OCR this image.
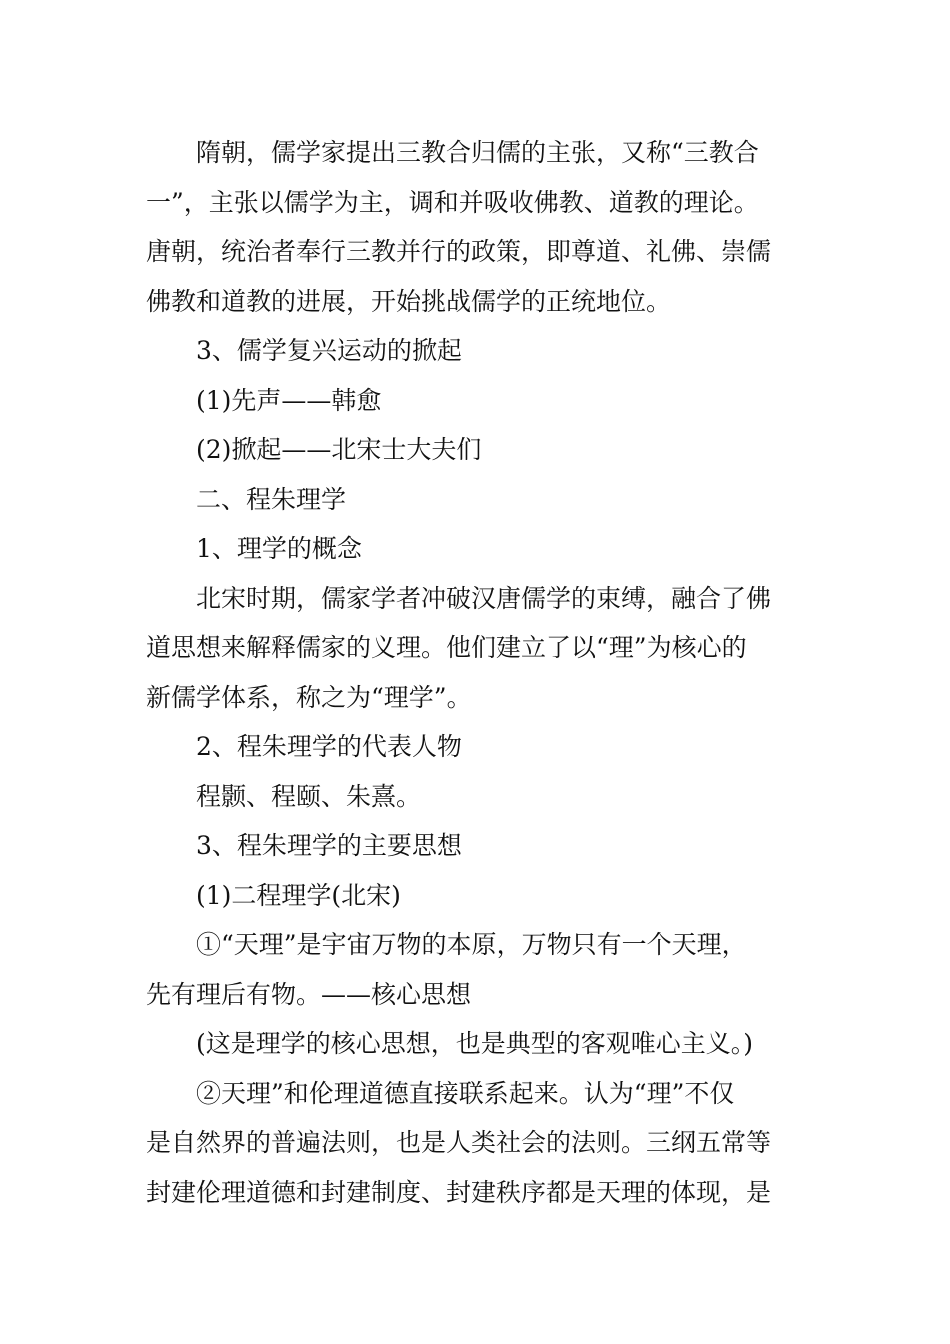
隋朝，儒学家提出三教合归儒的主张，又称“三教合

一”，主张以儒学为主，调和并吸收佛教、道教的理论。

唐朝，统治者奉行三教并行的政策，即尊道、礼佛、崇儒

佛教和道教的进展，开始挑战儒学的正统地位。

3、儒学复兴运动的掀起

(1)先声——韩愈

(2)掀起——北宋士大夫们

二、程朱理学

1、理学的概念

北宋时期，儒家学者冲破汉唐儒学的束缚，融合了佛

道思想来解释儒家的义理。他们建立了以“理”为核心的

新儒学体系，称之为“理学”。

2、程朱理学的代表人物

程颢、程颐、朱熹。

3、程朱理学的主要思想

(1)二程理学(北宋)

①“天理”是宇宙万物的本原，万物只有一个天理，

先有理后有物。——核心思想

(这是理学的核心思想，也是典型的客观唯心主义。)

②天理”和伦理道德直接联系起来。认为“理”不仅

是自然界的普遍法则，也是人类社会的法则。三纲五常等

封建伦理道德和封建制度、封建秩序都是天理的体现，是
